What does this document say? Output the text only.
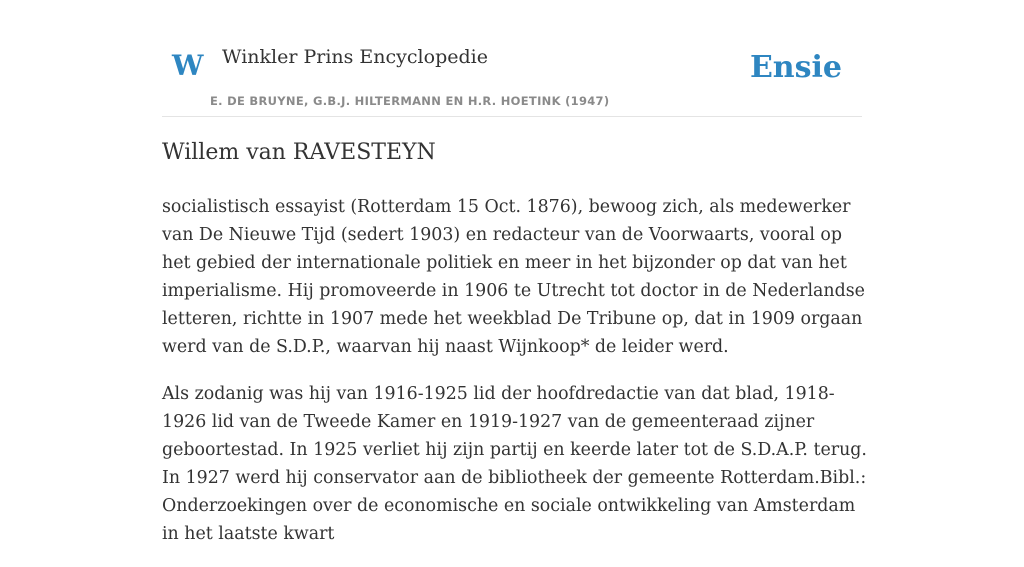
W Winkler Prins Encyclopedie
E. DE BRUYNE, G.B.J. HILTERMANN EN H.R. HOETINK (1947)
Ensie
Willem van RAVESTEYN

socialistisch essayist (Rotterdam 15 Oct. 1876), bewoog zich, als medewerker van De Nieuwe Tijd (sedert 1903) en redacteur van de Voorwaarts, vooral op het gebied der internationale politiek en meer in het bijzonder op dat van het imperialisme. Hij promoveerde in 1906 te Utrecht tot doctor in de Nederlandse letteren, richtte in 1907 mede het weekblad De Tribune op, dat in 1909 orgaan werd van de S.D.P., waarvan hij naast Wijnkoop* de leider werd.

Als zodanig was hij van 1916-1925 lid der hoofdredactie van dat blad, 1918-1926 lid van de Tweede Kamer en 1919-1927 van de gemeenteraad zijner geboortestad. In 1925 verliet hij zijn partij en keerde later tot de S.D.A.P. terug. In 1927 werd hij conservator aan de bibliotheek der gemeente Rotterdam.Bibl.: Onderzoekingen over de economische en sociale ontwikkeling van Amsterdam in het laatste kwart
